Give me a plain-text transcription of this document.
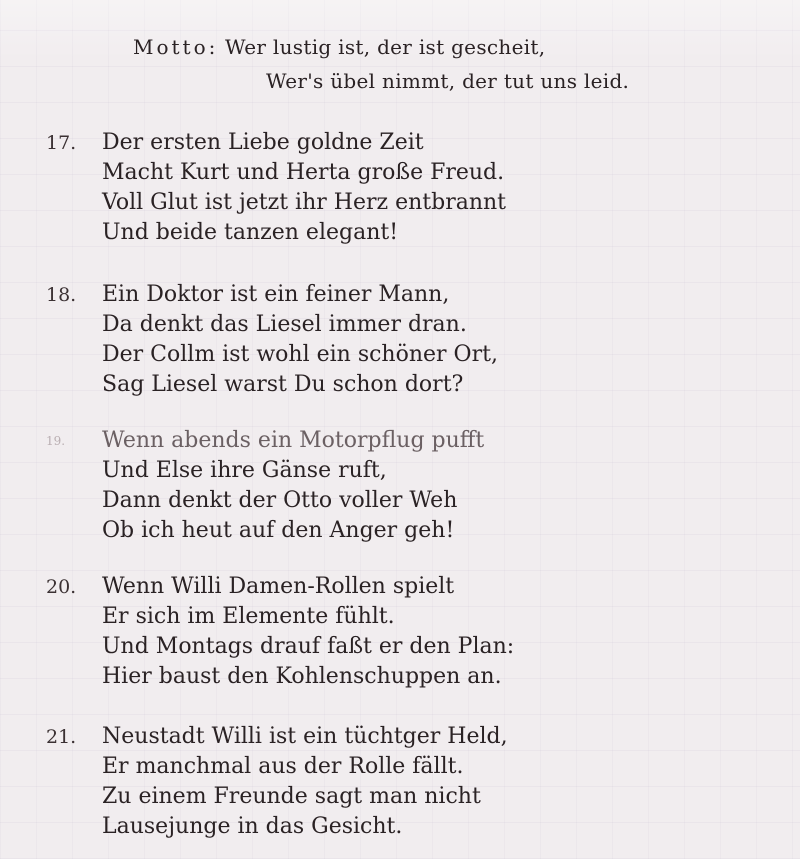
Motto: Wer lustig ist, der ist gescheit,
Wer's übel nimmt, der tut uns leid.
17. Der ersten Liebe goldne Zeit
Macht Kurt und Herta große Freud.
Voll Glut ist jetzt ihr Herz entbrannt
Und beide tanzen elegant!
18. Ein Doktor ist ein feiner Mann,
Da denkt das Liesel immer dran.
Der Collm ist wohl ein schöner Ort,
Sag Liesel warst Du schon dort?
19. Wenn abends ein Motorpflug pufft
Und Else ihre Gänse ruft,
Dann denkt der Otto voller Weh
Ob ich heut auf den Anger geh!
20. Wenn Willi Damen-Rollen spielt
Er sich im Elemente fühlt.
Und Montags drauf faßt er den Plan:
Hier baust den Kohlenschuppen an.
21. Neustadt Willi ist ein tüchtger Held,
Er manchmal aus der Rolle fällt.
Zu einem Freunde sagt man nicht
Lausejunge in das Gesicht.
